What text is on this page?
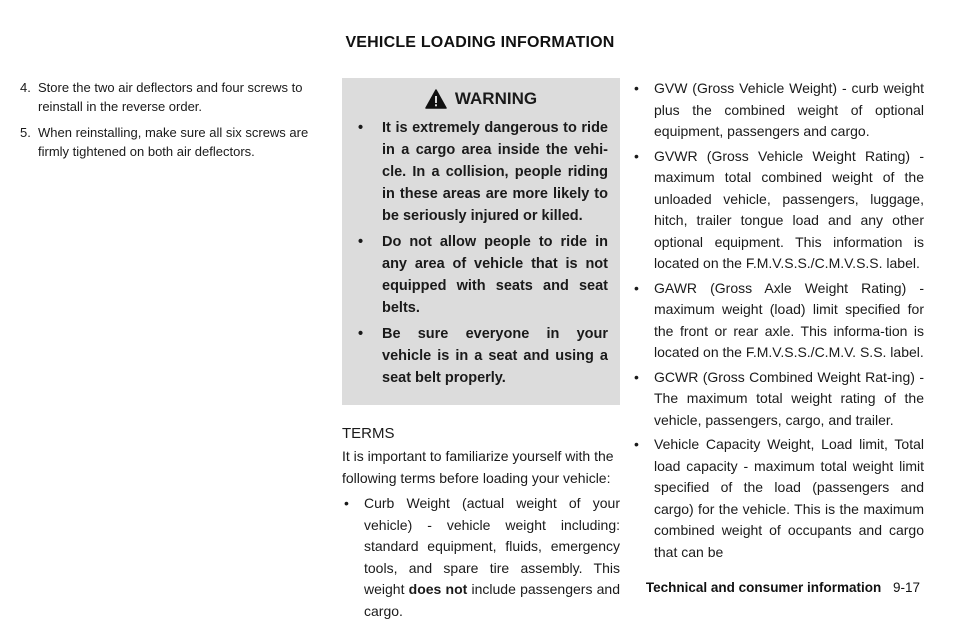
VEHICLE LOADING INFORMATION
4. Store the two air deflectors and four screws to reinstall in the reverse order.
5. When reinstalling, make sure all six screws are firmly tightened on both air deflectors.
WARNING
•	It is extremely dangerous to ride in a cargo area inside the vehi-cle. In a collision, people riding in these areas are more likely to be seriously injured or killed.
•	Do not allow people to ride in any area of vehicle that is not equipped with seats and seat belts.
•	Be sure everyone in your vehicle is in a seat and using a seat belt properly.
TERMS
It is important to familiarize yourself with the following terms before loading your vehicle:
•	Curb Weight (actual weight of your vehicle) - vehicle weight including: standard equipment, fluids, emergency tools, and spare tire assembly. This weight does not include passengers and cargo.
•	GVW (Gross Vehicle Weight) - curb weight plus the combined weight of optional equipment, passengers and cargo.
•	GVWR (Gross Vehicle Weight Rating) - maximum total combined weight of the unloaded vehicle, passengers, luggage, hitch, trailer tongue load and any other optional equipment. This information is located on the F.M.V.S.S./C.M.V.S.S. label.
•	GAWR (Gross Axle Weight Rating) - maximum weight (load) limit specified for the front or rear axle. This informa-tion is located on the F.M.V.S.S./C.M.V. S.S. label.
•	GCWR (Gross Combined Weight Rat-ing) - The maximum total weight rating of the vehicle, passengers, cargo, and trailer.
•	Vehicle Capacity Weight, Load limit, Total load capacity - maximum total weight limit specified of the load (passengers and cargo) for the vehicle. This is the maximum combined weight of occupants and cargo that can be
Technical and consumer information 9-17
